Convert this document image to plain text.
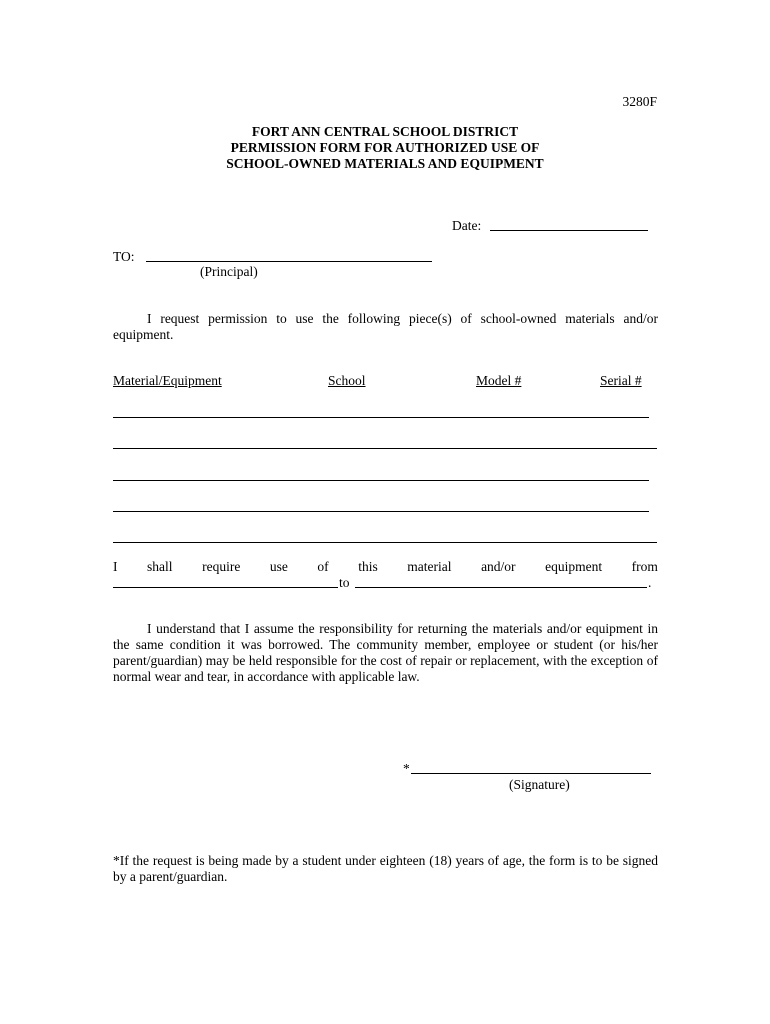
3280F
FORT ANN CENTRAL SCHOOL DISTRICT
PERMISSION FORM FOR AUTHORIZED USE OF
SCHOOL-OWNED MATERIALS AND EQUIPMENT
Date:
TO:
(Principal)
I request permission to use the following piece(s) of school-owned materials and/or equipment.
Material/Equipment	School	Model #	Serial #
I shall require use of this material and/or equipment from
to	.
I understand that I assume the responsibility for returning the materials and/or equipment in the same condition it was borrowed. The community member, employee or student (or his/her parent/guardian) may be held responsible for the cost of repair or replacement, with the exception of normal wear and tear, in accordance with applicable law.
*
(Signature)
*If the request is being made by a student under eighteen (18) years of age, the form is to be signed by a parent/guardian.
